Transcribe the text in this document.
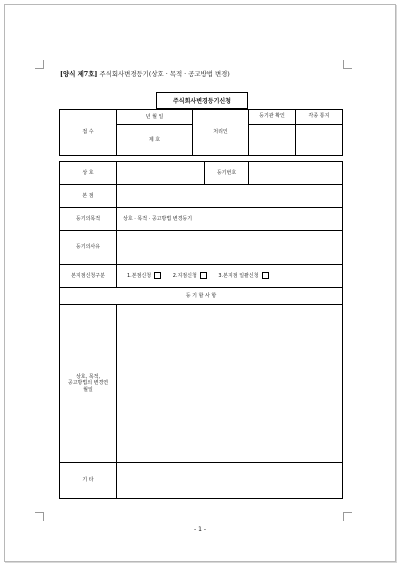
[양식 제7호] 주식회사변경등기(상호 · 목적 · 공고방법 변경)
주식회사변경등기신청
접 수	년 월 일	처리인	등기관 확인	각종 통지
	제 호			
상 호		등기번호	
본 점			
등기의목적	상호 · 목적 · 공고방법 변경등기		
등기의사유			
본지점신청구분	1.본점신청 2.지점신청 3.본지점 일괄신청		
등 기 할 사 항			
상호, 목적,
공고방법의 변경연
월일			
기 타			
- 1 -
